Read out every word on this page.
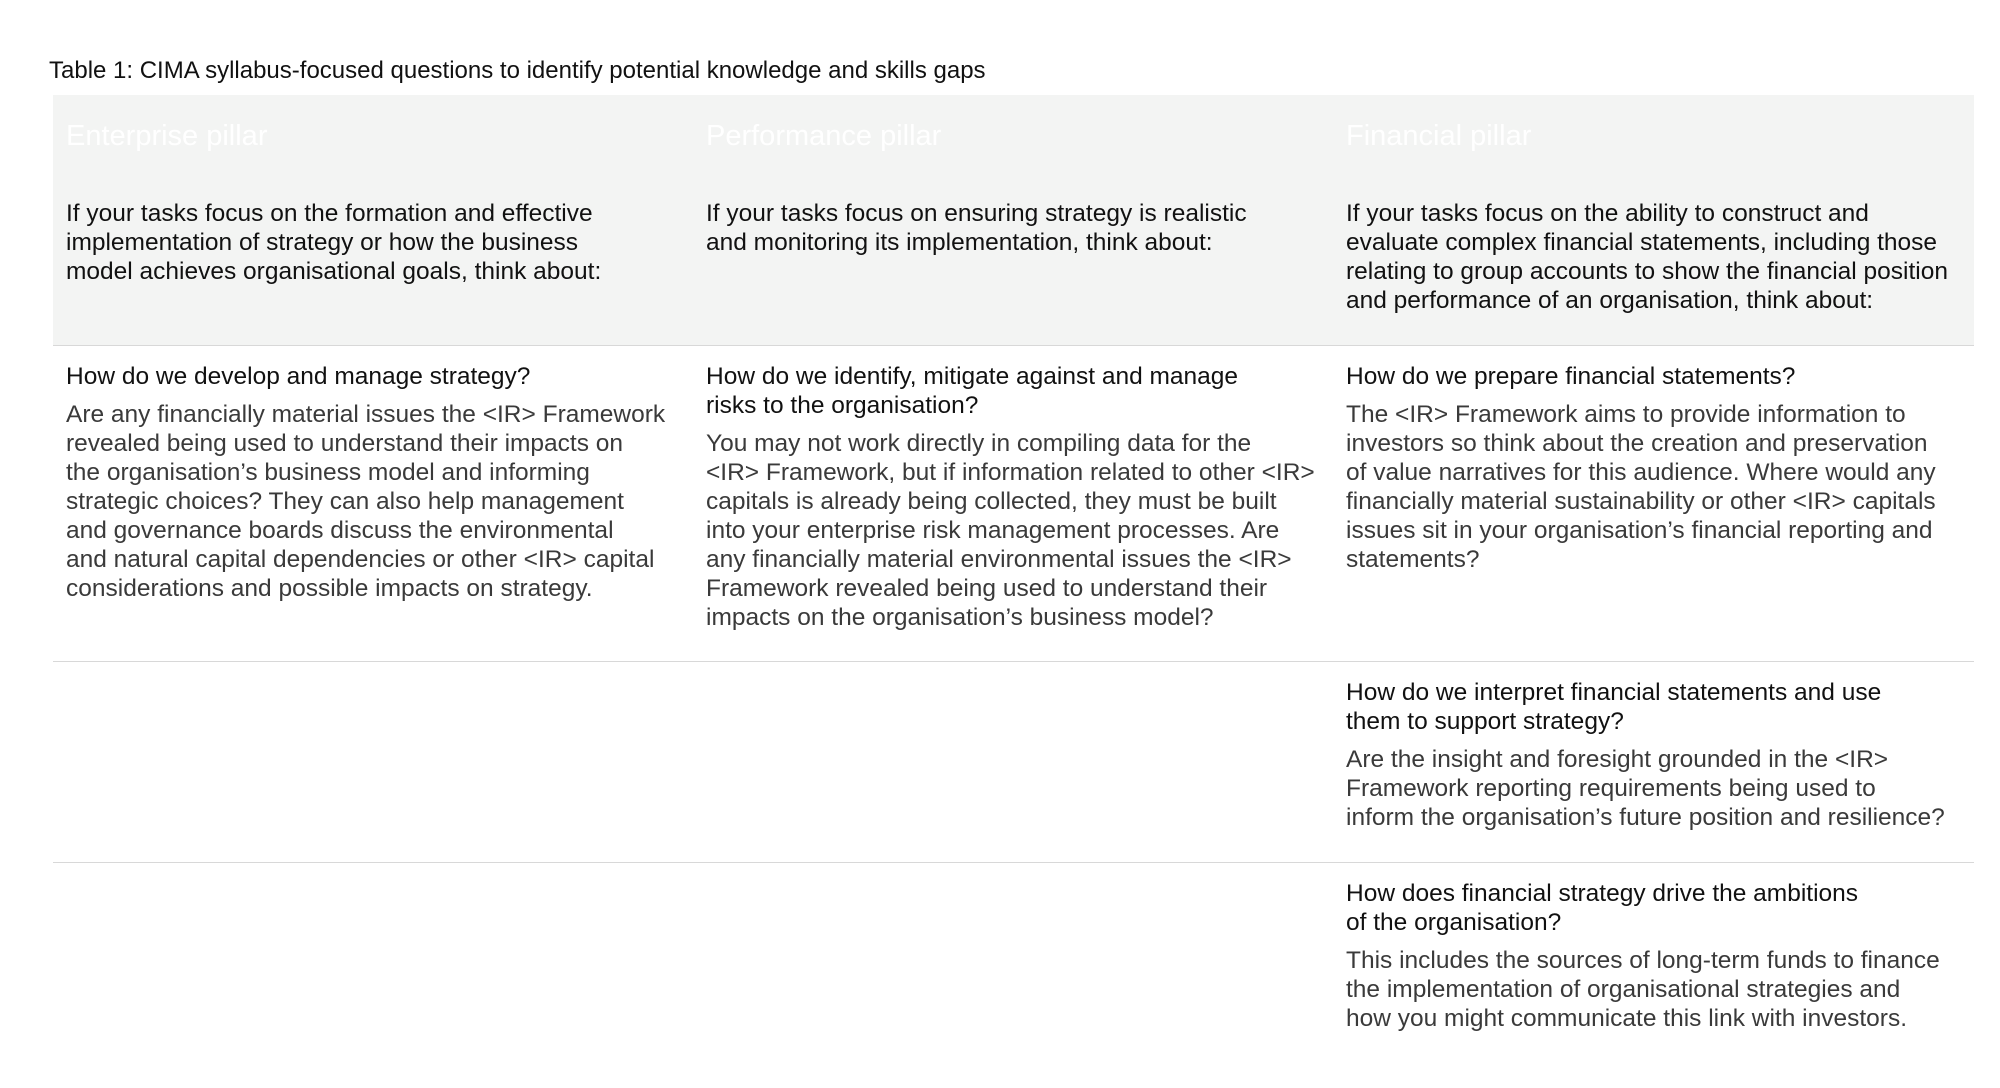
Table 1: CIMA syllabus-focused questions to identify potential knowledge and skills gaps
Enterprise pillar	Performance pillar	Financial pillar
If your tasks focus on the formation and effective
implementation of strategy or how the business
model achieves organisational goals, think about:
If your tasks focus on ensuring strategy is realistic
and monitoring its implementation, think about:
If your tasks focus on the ability to construct and
evaluate complex financial statements, including those
relating to group accounts to show the financial position
and performance of an organisation, think about:
How do we develop and manage strategy?
Are any financially material issues the <IR> Framework
revealed being used to understand their impacts on
the organisation’s business model and informing
strategic choices? They can also help management
and governance boards discuss the environmental
and natural capital dependencies or other <IR> capital
considerations and possible impacts on strategy.
How do we identify, mitigate against and manage
risks to the organisation?
You may not work directly in compiling data for the
<IR> Framework, but if information related to other <IR>
capitals is already being collected, they must be built
into your enterprise risk management processes. Are
any financially material environmental issues the <IR>
Framework revealed being used to understand their
impacts on the organisation’s business model?
How do we prepare financial statements?
The <IR> Framework aims to provide information to
investors so think about the creation and preservation
of value narratives for this audience. Where would any
financially material sustainability or other <IR> capitals
issues sit in your organisation’s financial reporting and
statements?
How do we interpret financial statements and use
them to support strategy?
Are the insight and foresight grounded in the <IR>
Framework reporting requirements being used to
inform the organisation’s future position and resilience?
How does financial strategy drive the ambitions
of the organisation?
This includes the sources of long-term funds to finance
the implementation of organisational strategies and
how you might communicate this link with investors.
